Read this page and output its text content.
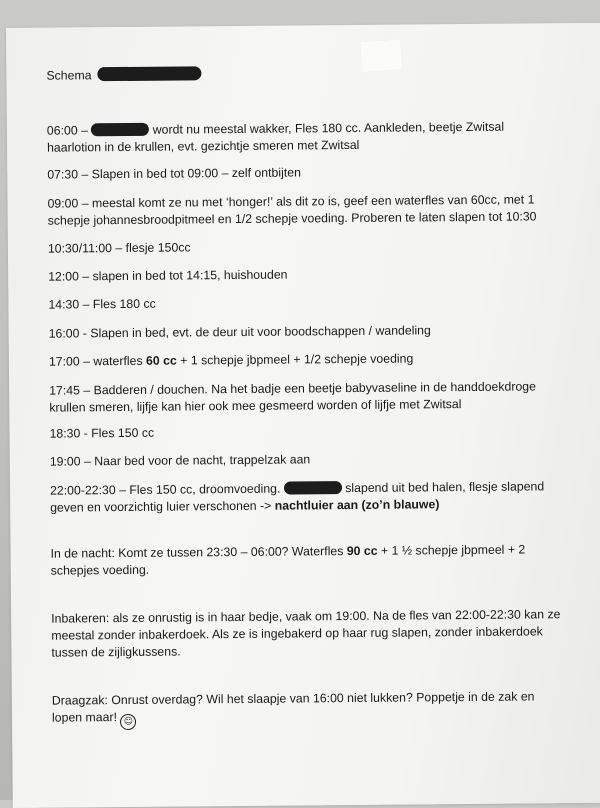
Schema
06:00 –	wordt nu meestal wakker, Fles 180 cc. Aankleden, beetje Zwitsal
haarlotion in de krullen, evt. gezichtje smeren met Zwitsal
07:30 – Slapen in bed tot 09:00 – zelf ontbijten
09:00 – meestal komt ze nu met ‘honger!’ als dit zo is, geef een waterfles van 60cc, met 1
schepje johannesbroodpitmeel en 1/2 schepje voeding. Proberen te laten slapen tot 10:30
10:30/11:00 – flesje 150cc
12:00 – slapen in bed tot 14:15, huishouden
14:30 – Fles 180 cc
16:00 - Slapen in bed, evt. de deur uit voor boodschappen / wandeling
17:00 – waterfles 60 cc + 1 schepje jbpmeel + 1/2 schepje voeding
17:45 – Badderen / douchen. Na het badje een beetje babyvaseline in de handdoekdroge
krullen smeren, lijfje kan hier ook mee gesmeerd worden of lijfje met Zwitsal
18:30 - Fles 150 cc
19:00 – Naar bed voor de nacht, trappelzak aan
22:00-22:30 – Fles 150 cc, droomvoeding.	slapend uit bed halen, flesje slapend
geven en voorzichtig luier verschonen -> nachtluier aan (zo’n blauwe)
In de nacht: Komt ze tussen 23:30 – 06:00? Waterfles 90 cc + 1 ½ schepje jbpmeel + 2
schepjes voeding.
Inbakeren: als ze onrustig is in haar bedje, vaak om 19:00. Na de fles van 22:00-22:30 kan ze
meestal zonder inbakerdoek. Als ze is ingebakerd op haar rug slapen, zonder inbakerdoek
tussen de zijligkussens.
Draagzak: Onrust overdag? Wil het slaapje van 16:00 niet lukken? Poppetje in de zak en
lopen maar! ☺
